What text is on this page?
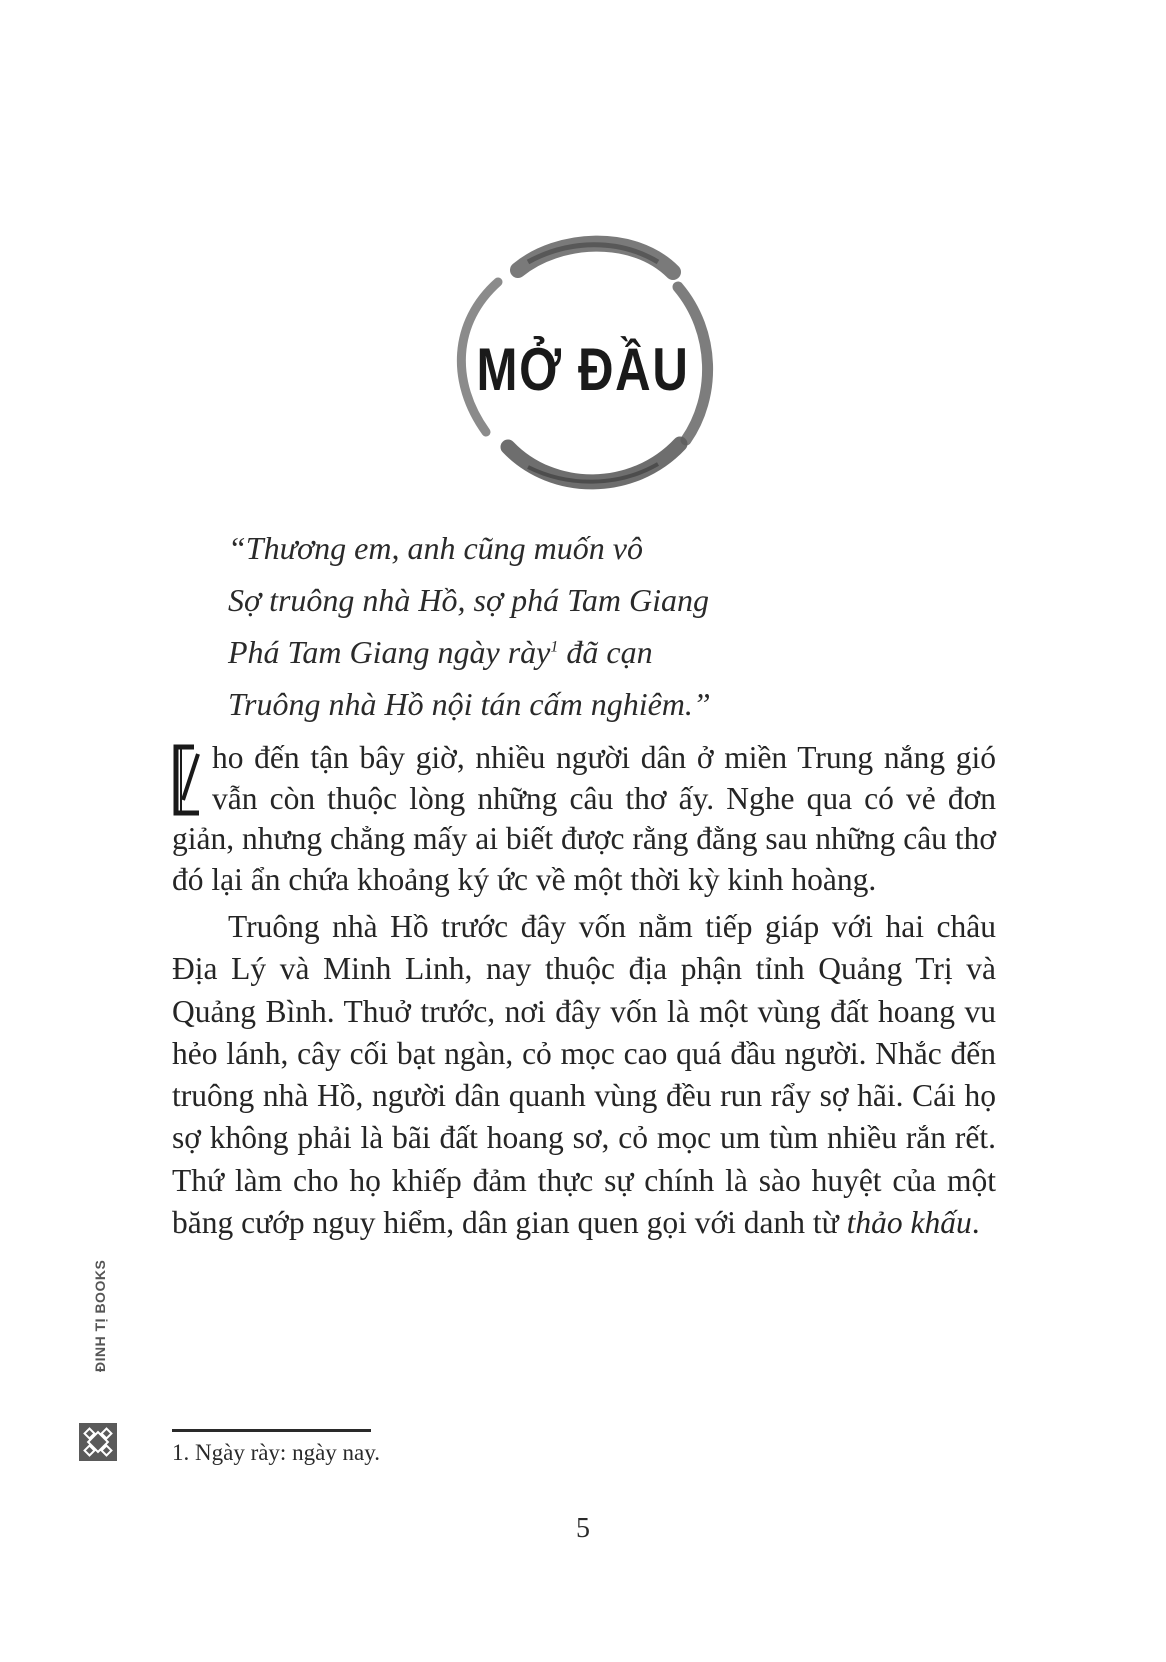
MỞ ĐẦU
“Thương em, anh cũng muốn vô
Sợ truông nhà Hồ, sợ phá Tam Giang
Phá Tam Giang ngày rày$^1$ đã cạn
Truông nhà Hồ nội tán cấm nghiêm.”

ho đến tận bây giờ, nhiều người dân ở miền Trung nắng gió vẫn còn thuộc lòng những câu thơ ấy. Nghe qua có vẻ đơn giản, nhưng chẳng mấy ai biết được rằng đằng sau những câu thơ đó lại ẩn chứa khoảng ký ức về một thời kỳ kinh hoàng.

Truông nhà Hồ trước đây vốn nằm tiếp giáp với hai châu Địa Lý và Minh Linh, nay thuộc địa phận tỉnh Quảng Trị và Quảng Bình. Thuở trước, nơi đây vốn là một vùng đất hoang vu hẻo lánh, cây cối bạt ngàn, cỏ mọc cao quá đầu người. Nhắc đến truông nhà Hồ, người dân quanh vùng đều run rẩy sợ hãi. Cái họ sợ không phải là bãi đất hoang sơ, cỏ mọc um tùm nhiều rắn rết. Thứ làm cho họ khiếp đảm thực sự chính là sào huyệt của một băng cướp nguy hiểm, dân gian quen gọi với danh từ thảo khấu.

1. Ngày rày: ngày nay.
5
ĐINH TỊ BOOKS
